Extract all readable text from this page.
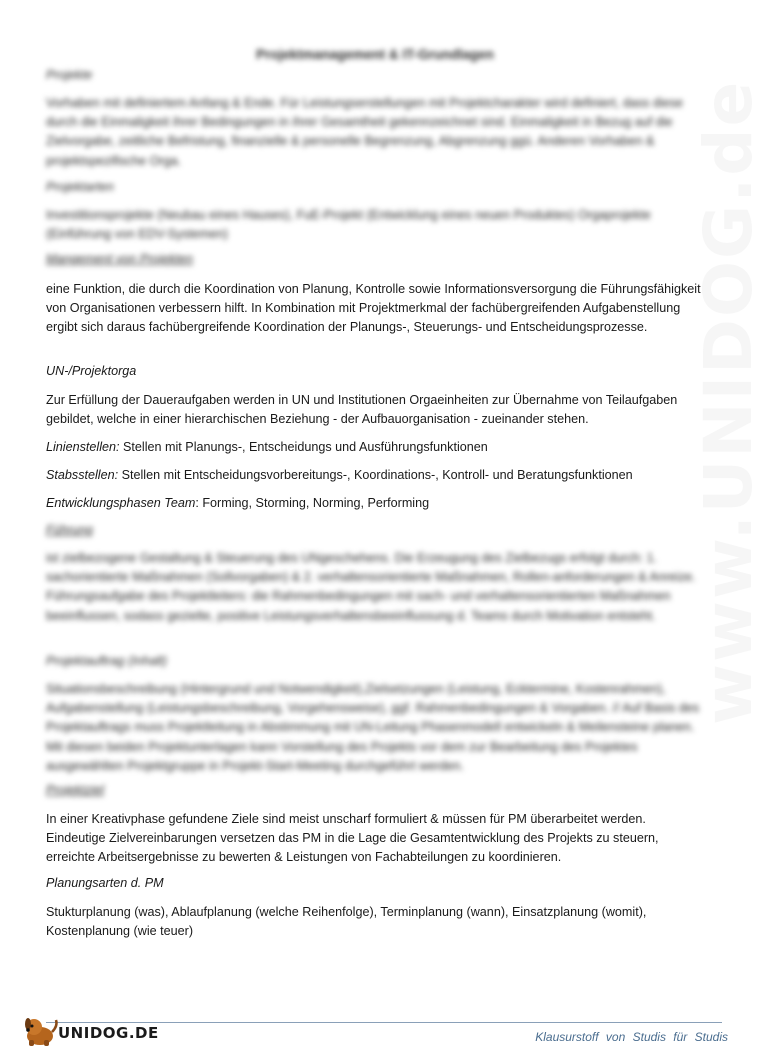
www.UNIDOG.de
Projektmanagement & IT-Grundlagen
Projekte
Vorhaben mit definiertem Anfang & Ende. Für Leistungserstellungen mit Projektcharakter wird definiert, dass diese durch die Einmaligkeit ihrer Bedingungen in ihrer Gesamtheit gekennzeichnet sind. Einmaligkeit in Bezug auf die Zielvorgabe, zeitliche Befristung, finanzielle & personelle Begrenzung, Abgrenzung ggü. Anderen Vorhaben & projektspezifische Orga.
Projektarten
Investitionsprojekte (Neubau eines Hauses), FuE-Projekt (Entwicklung eines neuen Produktes) Orgaprojekte (Einführung von EDV-Systemen)
Mangement von Projekten
eine Funktion, die durch die Koordination von Planung, Kontrolle sowie Informationsversorgung die Führungsfähigkeit von Organisationen verbessern hilft. In Kombination mit Projektmerkmal der fachübergreifenden Aufgabenstellung ergibt sich daraus fachübergreifende Koordination der Planungs-, Steuerungs- und Entscheidungsprozesse.
UN-/Projektorga
Zur Erfüllung der Daueraufgaben werden in UN und Institutionen Orgaeinheiten zur Übernahme von Teilaufgaben gebildet, welche in einer hierarchischen Beziehung - der Aufbauorganisation - zueinander stehen.
Linienstellen: Stellen mit Planungs-, Entscheidungs und Ausführungsfunktionen
Stabsstellen: Stellen mit Entscheidungsvorbereitungs-, Koordinations-, Kontroll- und Beratungsfunktionen
Entwicklungsphasen Team: Forming, Storming, Norming, Performing
Führung
ist zielbezogene Gestaltung & Steuerung des UNgeschehens. Die Erzeugung des Zielbezugs erfolgt durch: 1. sachorientierte Maßnahmen (Sollvorgaben) & 2. verhaltensorientierte Maßnahmen, Rollen-anforderungen & Anreize. Führungsaufgabe des Projektleiters: die Rahmenbedingungen mit sach- und verhaltensorientierten Maßnahmen beeinflussen, sodass gezielte, positive Leistungsverhaltensbeeinflussung d. Teams durch Motivation entsteht.
Projektauftrag (Inhalt)
Situationsbeschreibung (Hintergrund und Notwendigkeit),Zielsetzungen (Leistung, Ecktermine, Kostenrahmen), Aufgabenstellung (Leistungsbeschreibung, Vorgehensweise), ggf. Rahmenbedingungen & Vorgaben. // Auf Basis des Projektauftrags muss Projektleitung in Abstimmung mit UN-Leitung Phasenmodell entwickeln & Meilensteine planen. Mit diesen beiden Projektunterlagen kann Vorstellung des Projekts vor dem zur Bearbeitung des Projektes ausgewählten Projektgruppe in Projekt-Start-Meeting durchgeführt werden.
Projektziel
In einer Kreativphase gefundene Ziele sind meist unscharf formuliert & müssen für PM überarbeitet werden. Eindeutige Zielvereinbarungen versetzen das PM in die Lage die Gesamtentwicklung des Projekts zu steuern, erreichte Arbeitsergebnisse zu bewerten & Leistungen von Fachabteilungen zu koordinieren.
Planungsarten d. PM
Stukturplanung (was), Ablaufplanung (welche Reihenfolge), Terminplanung (wann), Einsatzplanung (womit), Kostenplanung (wie teuer)
UNIDOG.DE	Klausurstoff von Studis für Studis
